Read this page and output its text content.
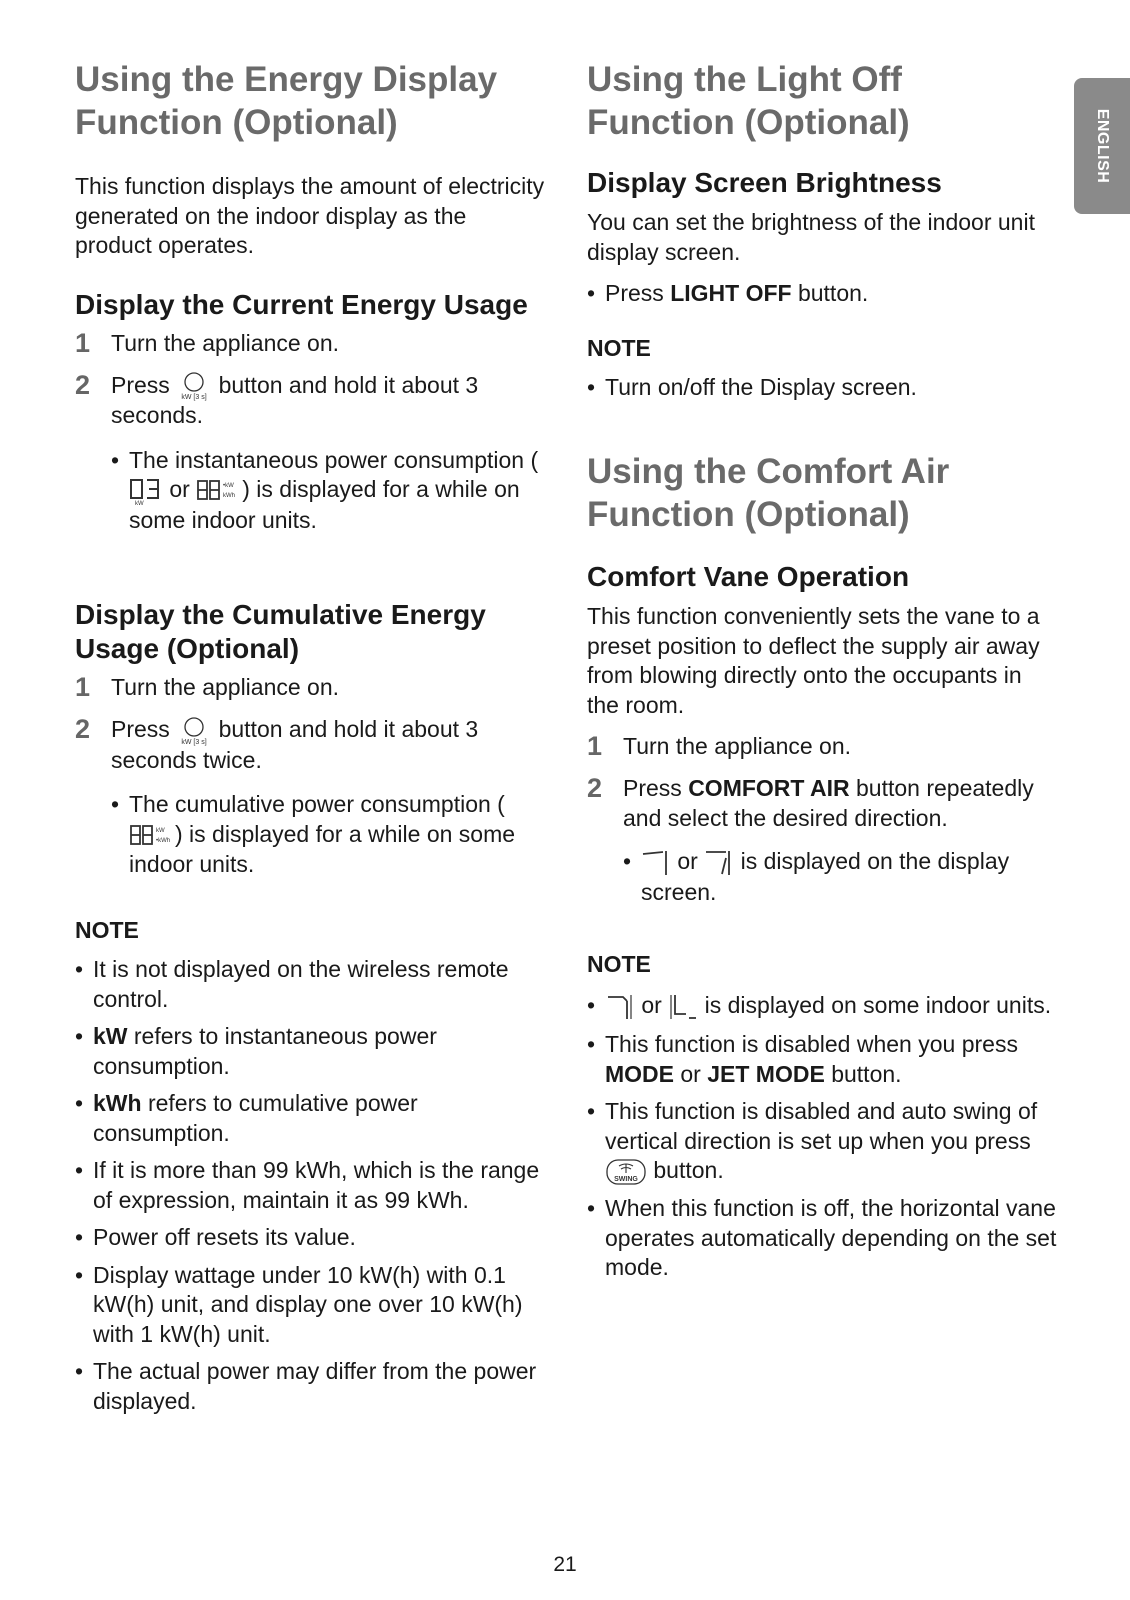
ENGLISH
Using the Energy Display Function (Optional)

This function displays the amount of electricity generated on the indoor display as the product operates.

Display the Current Energy Usage
1 Turn the appliance on.
2 Press
kW [3 s]
button and hold it about 3 seconds.
• The instantaneous power consumption (
kW
or	•kW
kWh ) is displayed for a while on some indoor units.
Display the Cumulative Energy Usage (Optional)
1 Turn the appliance on.
2 Press
kW [3 s]
button and hold it about 3 seconds twice.
• The cumulative power consumption (
kW
•kWh ) is displayed for a while on some indoor units.
NOTE
• It is not displayed on the wireless remote control.
• kW refers to instantaneous power consumption.
• kWh refers to cumulative power consumption.
• If it is more than 99 kWh, which is the range of expression, maintain it as 99 kWh.
• Power off resets its value.
• Display wattage under 10 kW(h) with 0.1 kW(h) unit, and display one over 10 kW(h) with 1 kW(h) unit.
• The actual power may differ from the power displayed.
Using the Light Off Function (Optional)
Display Screen Brightness

You can set the brightness of the indoor unit display screen.

• Press LIGHT OFF button.
NOTE
• Turn on/off the Display screen.
Using the Comfort Air Function (Optional)
Comfort Vane Operation

This function conveniently sets the vane to a preset position to deflect the supply air away from blowing directly onto the occupants in the room.

1 Turn the appliance on.
2 Press COMFORT AIR button repeatedly and select the desired direction.
•	or is displayed on the display screen.
NOTE
•	or is displayed on some indoor units.
• This function is disabled when you press MODE or JET MODE button.
• This function is disabled and auto swing of vertical direction is set up when you press
SWING button.
• When this function is off, the horizontal vane operates automatically depending on the set mode.
21
